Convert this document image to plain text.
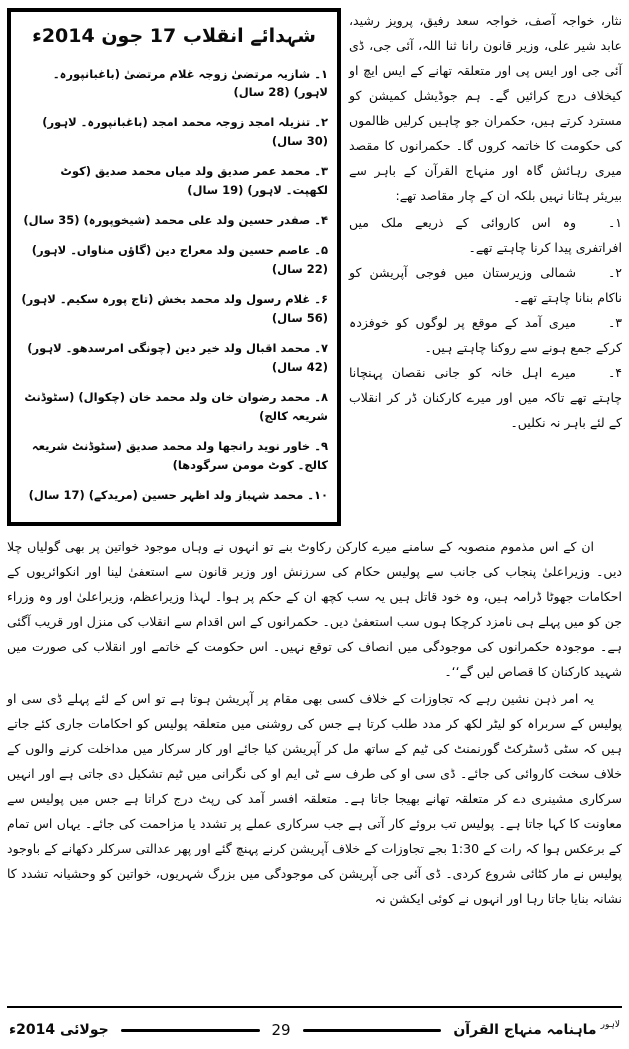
شہدائے انقلاب 17 جون 2014ء
۱۔ شازیہ مرتضیٰ زوجہ غلام مرتضیٰ (باغبانپورہ۔ لاہور) (28 سال)
۲۔ تنزیلہ امجد زوجہ محمد امجد (باغبانپورہ۔ لاہور) (30 سال)
۳۔ محمد عمر صدیق ولد میاں محمد صدیق (کوٹ لکھپت۔ لاہور) (19 سال)
۴۔ صفدر حسین ولد علی محمد (شیخوپورہ) (35 سال)
۵۔ عاصم حسین ولد معراج دین (گاؤں مناواں۔ لاہور) (22 سال)
۶۔ غلام رسول ولد محمد بخش (تاج پورہ سکیم۔ لاہور) (56 سال)
۷۔ محمد اقبال ولد خیر دین (چونگی امرسدھو۔ لاہور) (42 سال)
۸۔ محمد رضوان خان ولد محمد خان (چکوال) (سٹوڈنٹ شریعہ کالج)
۹۔ خاور نوید رانجھا ولد محمد صدیق (سٹوڈنٹ شریعہ کالج۔ کوٹ مومن سرگودھا)
۱۰۔ محمد شہباز ولد اظہر حسین (مریدکے) (17 سال)

نثار، خواجہ آصف، خواجہ سعد رفیق، پرویز رشید، عابد شیر علی، وزیر قانون رانا ثنا اللہ، آئی جی، ڈی آئی جی اور ایس پی اور متعلقہ تھانے کے ایس ایچ او کیخلاف درج کرائیں گے۔ ہم جوڈیشل کمیشن کو مسترد کرتے ہیں، حکمران جو چاہیں کرلیں ظالموں کی حکومت کا خاتمہ کروں گا۔ حکمرانوں کا مقصد میری رہائش گاہ اور منہاج القرآن کے باہر سے بیریئر ہٹانا نہیں بلکہ ان کے چار مقاصد تھے:

۱۔وہ اس کاروائی کے ذریعے ملک میں افراتفری پیدا کرنا چاہتے تھے۔
۲۔شمالی وزیرستان میں فوجی آپریشن کو ناکام بنانا چاہتے تھے۔
۳۔میری آمد کے موقع پر لوگوں کو خوفزدہ کرکے جمع ہونے سے روکنا چاہتے ہیں۔
۴۔میرے اہل خانہ کو جانی نقصان پہنچانا چاہتے تھے تاکہ میں اور میرے کارکنان ڈر کر انقلاب کے لئے باہر نہ نکلیں۔

ان کے اس مذموم منصوبہ کے سامنے میرے کارکن رکاوٹ بنے تو انہوں نے وہاں موجود خواتین پر بھی گولیاں چلا دیں۔ وزیراعلیٰ پنجاب کی جانب سے پولیس حکام کی سرزنش اور وزیر قانون سے استعفیٰ لینا اور انکوائریوں کے احکامات جھوٹا ڈرامہ ہیں، وہ خود قاتل ہیں یہ سب کچھ ان کے حکم پر ہوا۔ لہذا وزیراعظم، وزیراعلیٰ اور وہ وزراء جن کو میں پہلے ہی نامزد کرچکا ہوں سب استعفیٰ دیں۔ حکمرانوں کے اس اقدام سے انقلاب کی منزل اور قریب آگئی ہے۔ موجودہ حکمرانوں کی موجودگی میں انصاف کی توقع نہیں۔ اس حکومت کے خاتمے اور انقلاب کی صورت میں شہید کارکنان کا قصاص لیں گے‘‘۔

یہ امر ذہن نشین رہے کہ تجاوزات کے خلاف کسی بھی مقام پر آپریشن ہوتا ہے تو اس کے لئے پہلے ڈی سی او پولیس کے سربراہ کو لیٹر لکھ کر مدد طلب کرتا ہے جس کی روشنی میں متعلقہ پولیس کو احکامات جاری کئے جاتے ہیں کہ سٹی ڈسٹرکٹ گورنمنٹ کی ٹیم کے ساتھ مل کر آپریشن کیا جائے اور کار سرکار میں مداخلت کرنے والوں کے خلاف سخت کاروائی کی جائے۔ ڈی سی او کی طرف سے ٹی ایم او کی نگرانی میں ٹیم تشکیل دی جاتی ہے اور انہیں سرکاری مشینری دے کر متعلقہ تھانے بھیجا جاتا ہے۔ متعلقہ افسر آمد کی رپٹ درج کراتا ہے جس میں پولیس سے معاونت کا کہا جاتا ہے۔ پولیس تب بروئے کار آتی ہے جب سرکاری عملے پر تشدد یا مزاحمت کی جائے۔ یہاں اس تمام کے برعکس ہوا کہ رات کے 1:30 بجے تجاوزات کے خلاف آپریشن کرنے پہنچ گئے اور پھر عدالتی سرکلر دکھانے کے باوجود پولیس نے مار کٹائی شروع کردی۔ ڈی آئی جی آپریشن کی موجودگی میں بزرگ شہریوں، خواتین کو وحشیانہ تشدد کا نشانہ بنایا جاتا رہا اور انہوں نے کوئی ایکشن نہ

جولائی 2014ء	29	لاہور
ماہنامہ منہاج القرآن
